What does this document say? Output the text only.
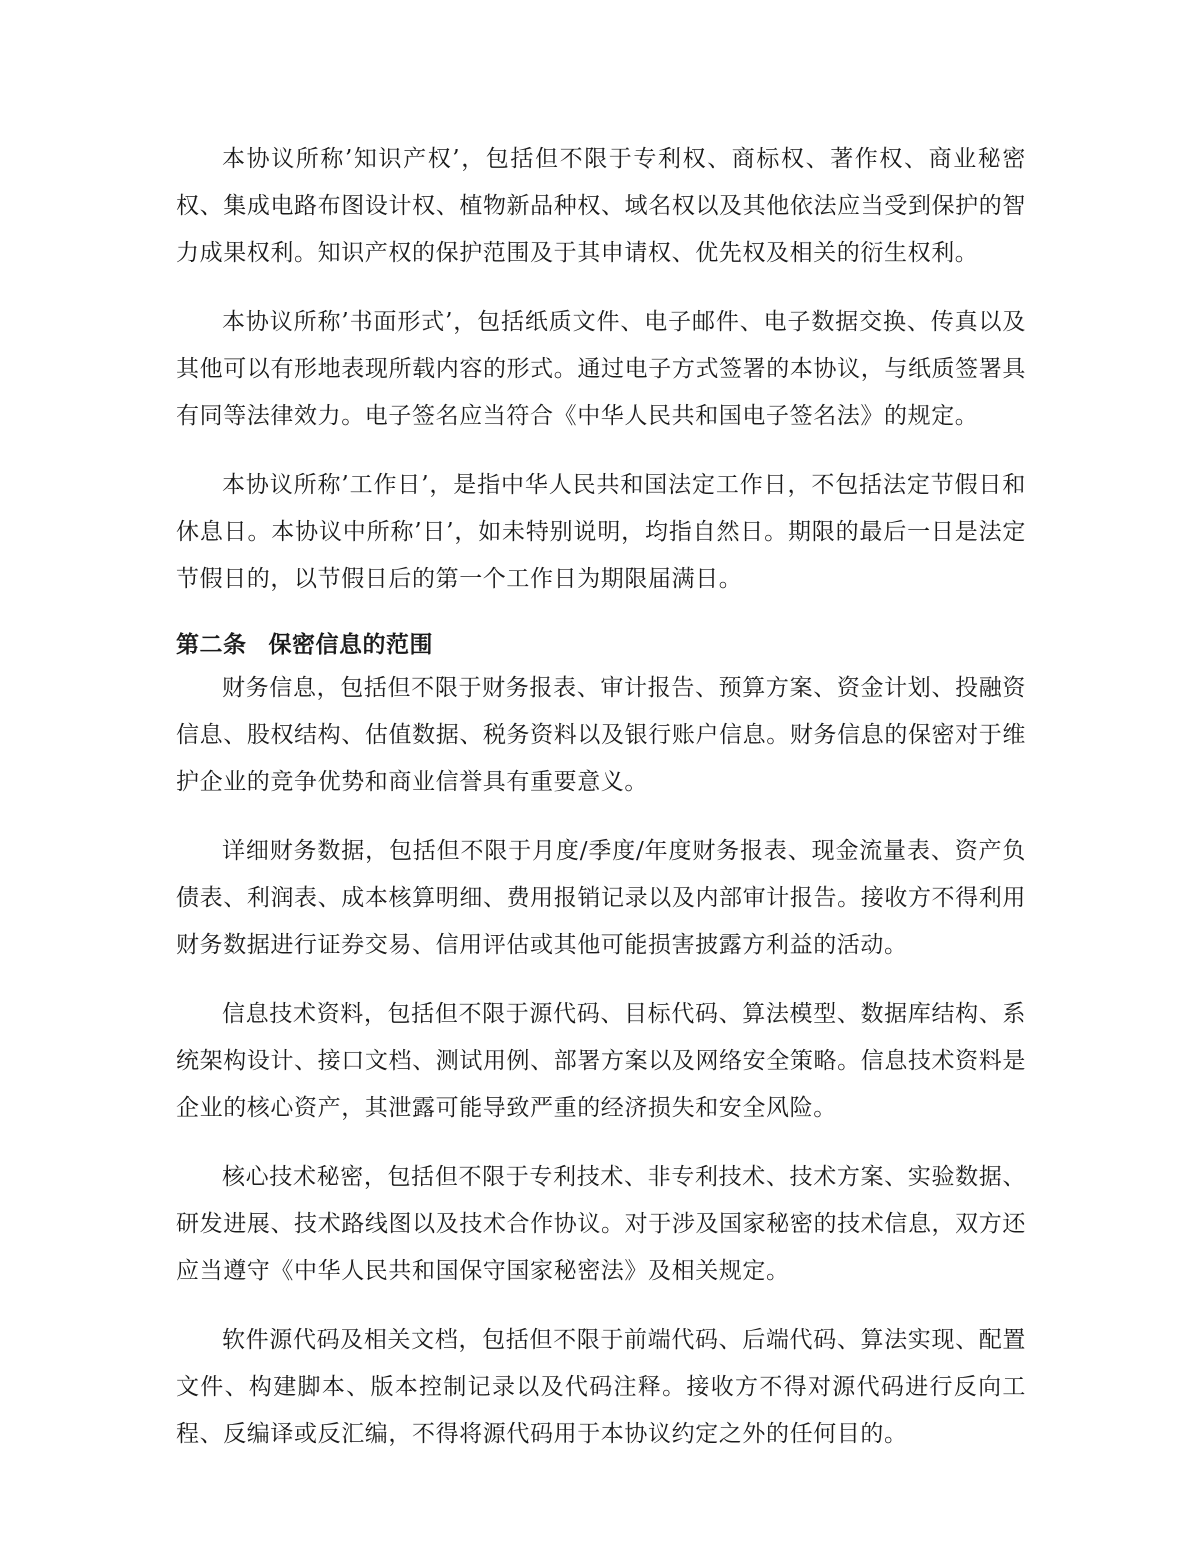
本协议所称’知识产权’，包括但不限于专利权、商标权、著作权、商业秘密权、集成电路布图设计权、植物新品种权、域名权以及其他依法应当受到保护的智力成果权利。知识产权的保护范围及于其申请权、优先权及相关的衍生权利。

本协议所称’书面形式’，包括纸质文件、电子邮件、电子数据交换、传真以及其他可以有形地表现所载内容的形式。通过电子方式签署的本协议，与纸质签署具有同等法律效力。电子签名应当符合《中华人民共和国电子签名法》的规定。

本协议所称’工作日’，是指中华人民共和国法定工作日，不包括法定节假日和休息日。本协议中所称’日’，如未特别说明，均指自然日。期限的最后一日是法定节假日的，以节假日后的第一个工作日为期限届满日。

第二条 保密信息的范围

财务信息，包括但不限于财务报表、审计报告、预算方案、资金计划、投融资信息、股权结构、估值数据、税务资料以及银行账户信息。财务信息的保密对于维护企业的竞争优势和商业信誉具有重要意义。

详细财务数据，包括但不限于月度/季度/年度财务报表、现金流量表、资产负债表、利润表、成本核算明细、费用报销记录以及内部审计报告。接收方不得利用财务数据进行证券交易、信用评估或其他可能损害披露方利益的活动。

信息技术资料，包括但不限于源代码、目标代码、算法模型、数据库结构、系统架构设计、接口文档、测试用例、部署方案以及网络安全策略。信息技术资料是企业的核心资产，其泄露可能导致严重的经济损失和安全风险。

核心技术秘密，包括但不限于专利技术、非专利技术、技术方案、实验数据、研发进展、技术路线图以及技术合作协议。对于涉及国家秘密的技术信息，双方还应当遵守《中华人民共和国保守国家秘密法》及相关规定。

软件源代码及相关文档，包括但不限于前端代码、后端代码、算法实现、配置文件、构建脚本、版本控制记录以及代码注释。接收方不得对源代码进行反向工程、反编译或反汇编，不得将源代码用于本协议约定之外的任何目的。
